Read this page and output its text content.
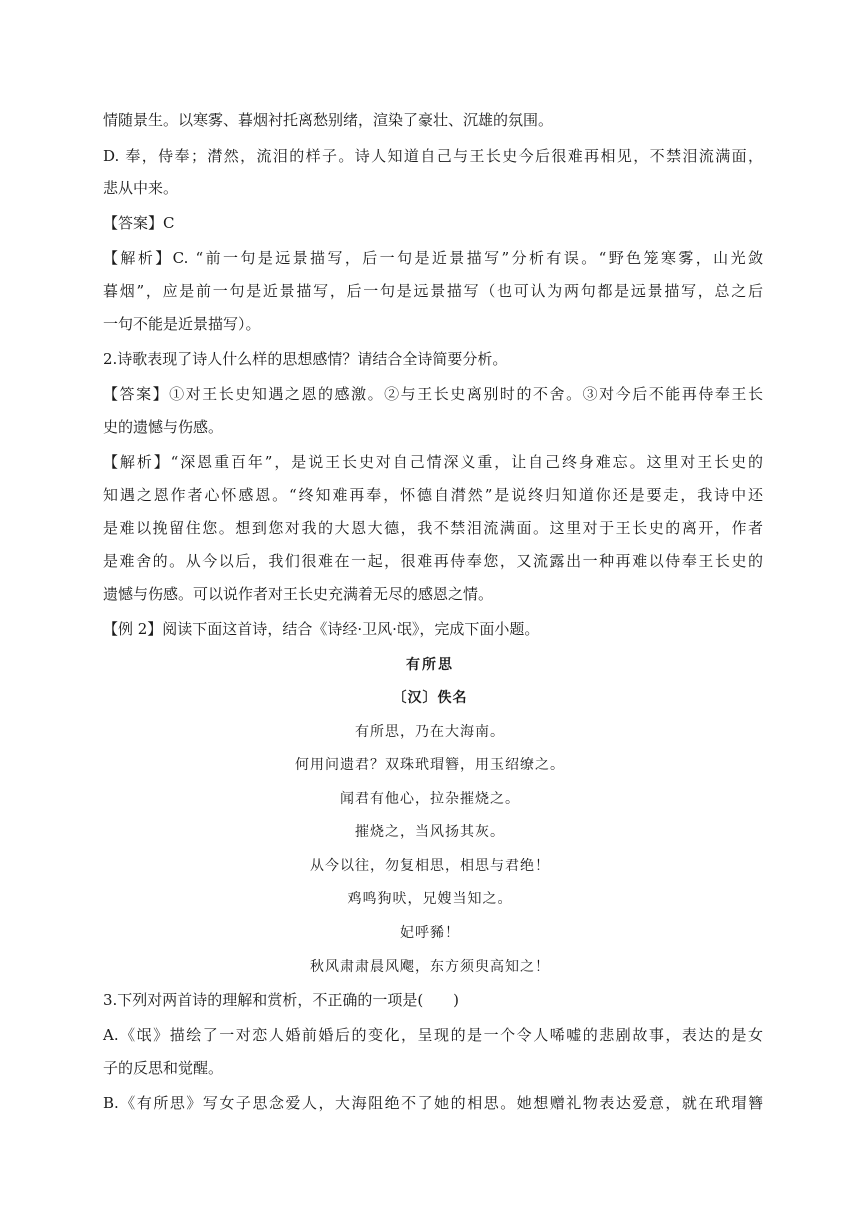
情随景生。以寒雾、暮烟衬托离愁别绪，渲染了豪壮、沉雄的氛围。
D. 奉，侍奉；潸然，流泪的样子。诗人知道自己与王长史今后很难再相见，不禁泪流满面，
悲从中来。
【答案】C
【解析】C. “前一句是远景描写，后一句是近景描写”分析有误。“野色笼寒雾，山光敛
暮烟”，应是前一句是近景描写，后一句是远景描写（也可认为两句都是远景描写，总之后
一句不能是近景描写）。
2.诗歌表现了诗人什么样的思想感情？请结合全诗简要分析。
【答案】①对王长史知遇之恩的感激。②与王长史离别时的不舍。③对今后不能再侍奉王长
史的遗憾与伤感。
【解析】“深恩重百年”，是说王长史对自己情深义重，让自己终身难忘。这里对王长史的
知遇之恩作者心怀感恩。“终知难再奉，怀德自潸然”是说终归知道你还是要走，我诗中还
是难以挽留住您。想到您对我的大恩大德，我不禁泪流满面。这里对于王长史的离开，作者
是难舍的。从今以后，我们很难在一起，很难再侍奉您，又流露出一种再难以侍奉王长史的
遗憾与伤感。可以说作者对王长史充满着无尽的感恩之情。
【例 2】阅读下面这首诗，结合《诗经·卫风·氓》，完成下面小题。
有所思
〔汉〕佚名
有所思，乃在大海南。
何用问遗君？双珠玳瑁簪，用玉绍缭之。
闻君有他心，拉杂摧烧之。
摧烧之，当风扬其灰。
从今以往，勿复相思，相思与君绝！
鸡鸣狗吠，兄嫂当知之。
妃呼豨！
秋风肃肃晨风飔，东方须臾高知之！
3.下列对两首诗的理解和赏析，不正确的一项是(　　)
A.《氓》描绘了一对恋人婚前婚后的变化，呈现的是一个令人唏嘘的悲剧故事，表达的是女
子的反思和觉醒。
B.《有所思》写女子思念爱人，大海阻绝不了她的相思。她想赠礼物表达爱意，就在玳瑁簪
